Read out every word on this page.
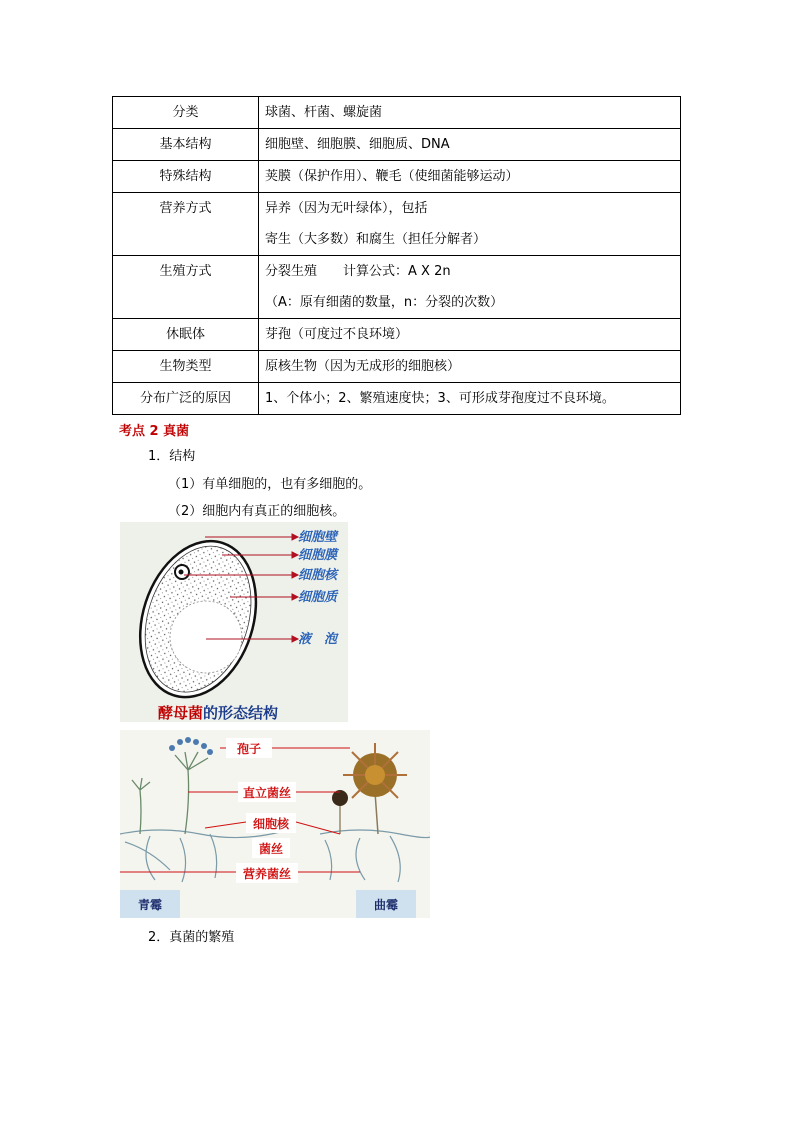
分类	球菌、杆菌、螺旋菌

基本结构	细胞壁、细胞膜、细胞质、DNA

特殊结构	荚膜（保护作用）、鞭毛（使细菌能够运动）

营养方式	异养（因为无叶绿体），包括
寄生（大多数）和腐生（担任分解者）

生殖方式	分裂生殖　　计算公式：A X 2n
（A：原有细菌的数量，n：分裂的次数）

休眠体	芽孢（可度过不良环境）

生物类型	原核生物（因为无成形的细胞核）

分布广泛的原因	1、个体小；2、繁殖速度快；3、可形成芽孢度过不良环境。
考点 2 真菌
1．结构
（1）有单细胞的，也有多细胞的。
（2）细胞内有真正的细胞核。
细胞壁
细胞膜
细胞核
细胞质
液　泡
酵母菌的形态结构
孢子
直立菌丝
细胞核
菌丝
营养菌丝
青霉	曲霉
2．真菌的繁殖
